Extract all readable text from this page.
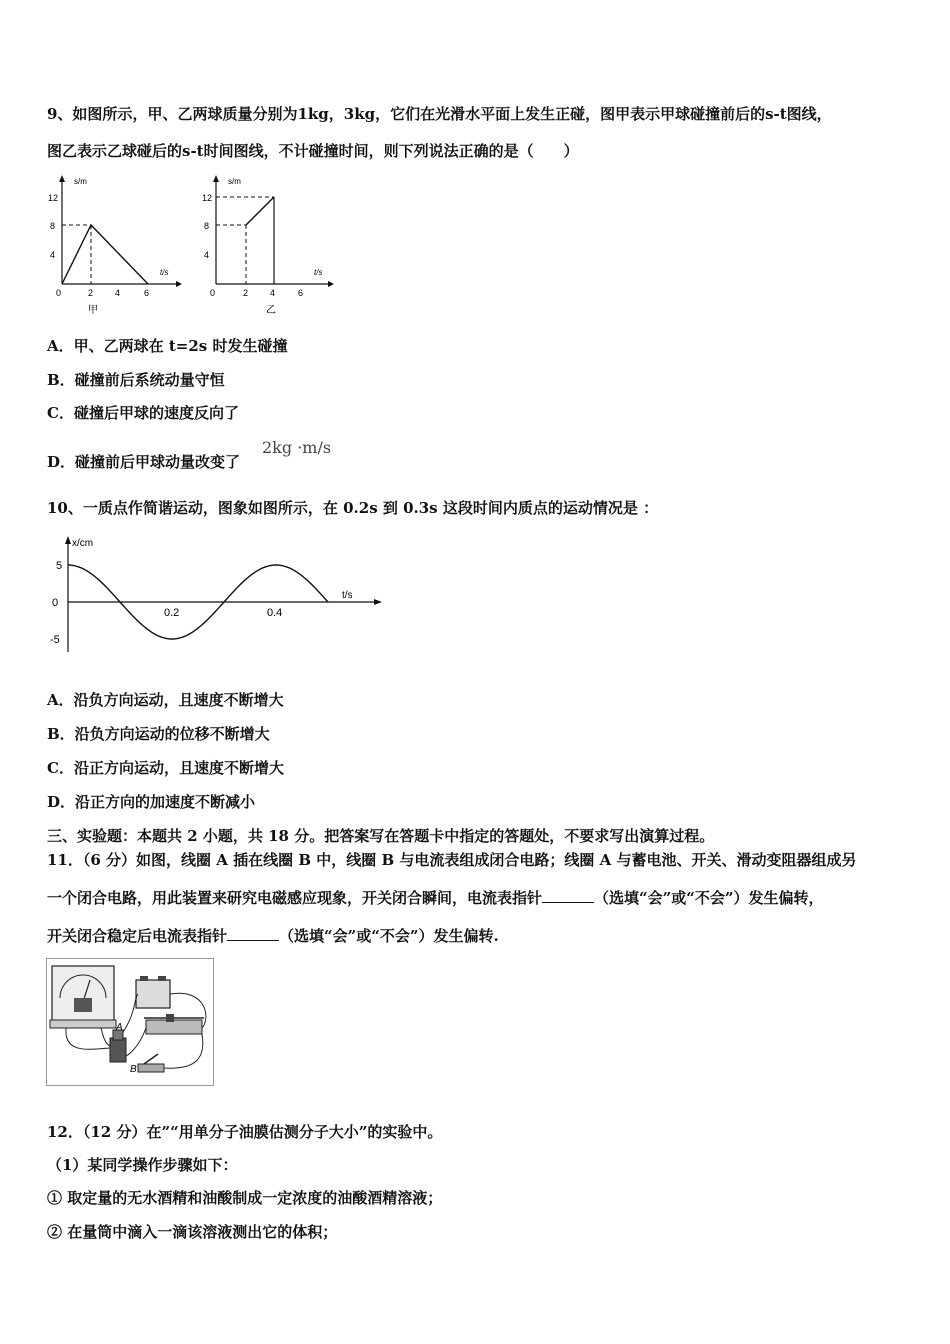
9、如图所示，甲、乙两球质量分别为1kg，3kg，它们在光滑水平面上发生正碰，图甲表示甲球碰撞前后的s-t图线，
图乙表示乙球碰后的s-t时间图线，不计碰撞时间，则下列说法正确的是（　　）
s/m
t/s
12
8
4
0	2 4	6
甲
s/m
t/s
12
8
4
0	2 4	6
乙
A．甲、乙两球在 t=2s 时发生碰撞
B．碰撞前后系统动量守恒
C．碰撞后甲球的速度反向了
D．碰撞前后甲球动量改变了
2kg ·m/s
10、一质点作简谐运动，图象如图所示，在 0.2s 到 0.3s 这段时间内质点的运动情况是 ：
x/cm
t/s
5
0
-5
0.2	0.4
A．沿负方向运动，且速度不断增大
B．沿负方向运动的位移不断增大
C．沿正方向运动，且速度不断增大
D．沿正方向的加速度不断减小
三、实验题：本题共 2 小题，共 18 分。把答案写在答题卡中指定的答题处，不要求写出演算过程。
11．（6 分）如图，线圈 A 插在线圈 B 中，线圈 B 与电流表组成闭合电路；线圈 A 与蓄电池、开关、滑动变阻器组成另
一个闭合电路，用此装置来研究电磁感应现象，开关闭合瞬间，电流表指针	（选填“会”或“不会”）发生偏转，
开关闭合稳定后电流表指针	（选填“会”或“不会”）发生偏转.
A
B
12．（12 分）在”“用单分子油膜估测分子大小”的实验中。
（1）某同学操作步骤如下：
① 取定量的无水酒精和油酸制成一定浓度的油酸酒精溶液；
② 在量筒中滴入一滴该溶液测出它的体积；
